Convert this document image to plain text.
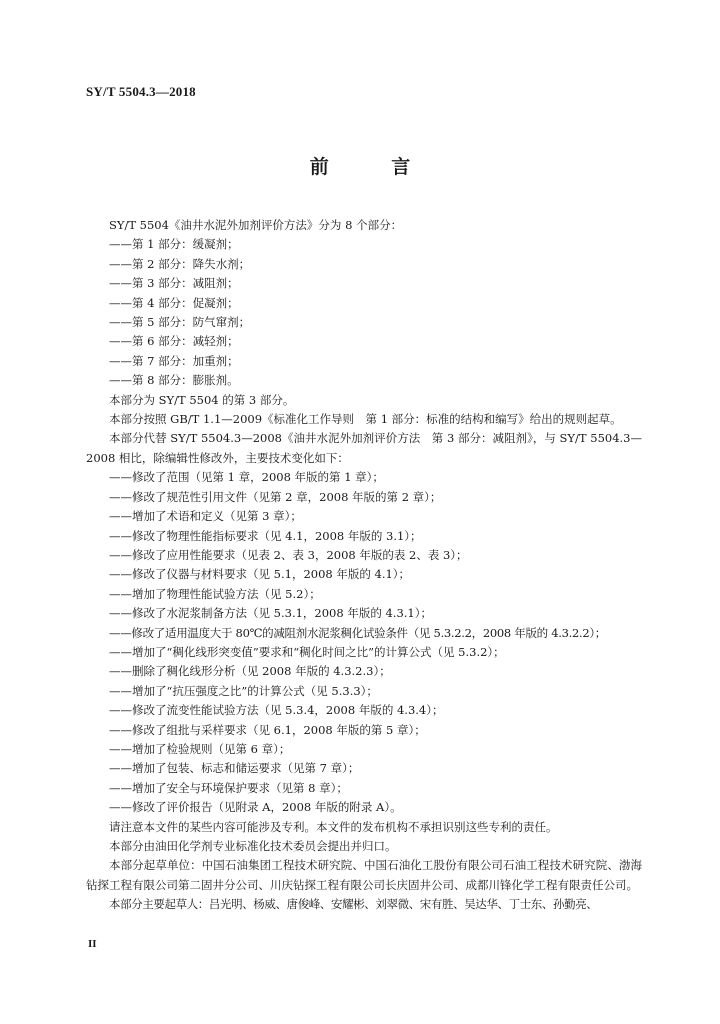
SY/T 5504.3—2018
前 言

SY/T 5504《油井水泥外加剂评价方法》分为 8 个部分：

——第 1 部分：缓凝剂；

——第 2 部分：降失水剂；

——第 3 部分：减阻剂；

——第 4 部分：促凝剂；

——第 5 部分：防气窜剂；

——第 6 部分：减轻剂；

——第 7 部分：加重剂；

——第 8 部分：膨胀剂。

本部分为 SY/T 5504 的第 3 部分。

本部分按照 GB/T 1.1—2009《标准化工作导则　第 1 部分：标准的结构和编写》给出的规则起草。

本部分代替 SY/T 5504.3—2008《油井水泥外加剂评价方法　第 3 部分：减阻剂》，与 SY/T 5504.3—2008 相比，除编辑性修改外，主要技术变化如下：

——修改了范围（见第 1 章，2008 年版的第 1 章）；

——修改了规范性引用文件（见第 2 章，2008 年版的第 2 章）；

——增加了术语和定义（见第 3 章）；

——修改了物理性能指标要求（见 4.1，2008 年版的 3.1）；

——修改了应用性能要求（见表 2、表 3，2008 年版的表 2、表 3）；

——修改了仪器与材料要求（见 5.1，2008 年版的 4.1）；

——增加了物理性能试验方法（见 5.2）；

——修改了水泥浆制备方法（见 5.3.1，2008 年版的 4.3.1）；

——修改了适用温度大于 80℃的减阻剂水泥浆稠化试验条件（见 5.3.2.2，2008 年版的 4.3.2.2）；

——增加了“稠化线形突变值”要求和“稠化时间之比”的计算公式（见 5.3.2）；

——删除了稠化线形分析（见 2008 年版的 4.3.2.3）；

——增加了“抗压强度之比”的计算公式（见 5.3.3）；

——修改了流变性能试验方法（见 5.3.4，2008 年版的 4.3.4）；

——修改了组批与采样要求（见 6.1，2008 年版的第 5 章）；

——增加了检验规则（见第 6 章）；

——增加了包装、标志和储运要求（见第 7 章）；

——增加了安全与环境保护要求（见第 8 章）；

——修改了评价报告（见附录 A，2008 年版的附录 A）。

请注意本文件的某些内容可能涉及专利。本文件的发布机构不承担识别这些专利的责任。

本部分由油田化学剂专业标准化技术委员会提出并归口。

本部分起草单位：中国石油集团工程技术研究院、中国石油化工股份有限公司石油工程技术研究院、渤海钻探工程有限公司第二固井分公司、川庆钻探工程有限公司长庆固井公司、成都川锋化学工程有限责任公司。

本部分主要起草人：吕光明、杨威、唐俊峰、安耀彬、刘翠微、宋有胜、吴达华、丁士东、孙勤亮、

II
